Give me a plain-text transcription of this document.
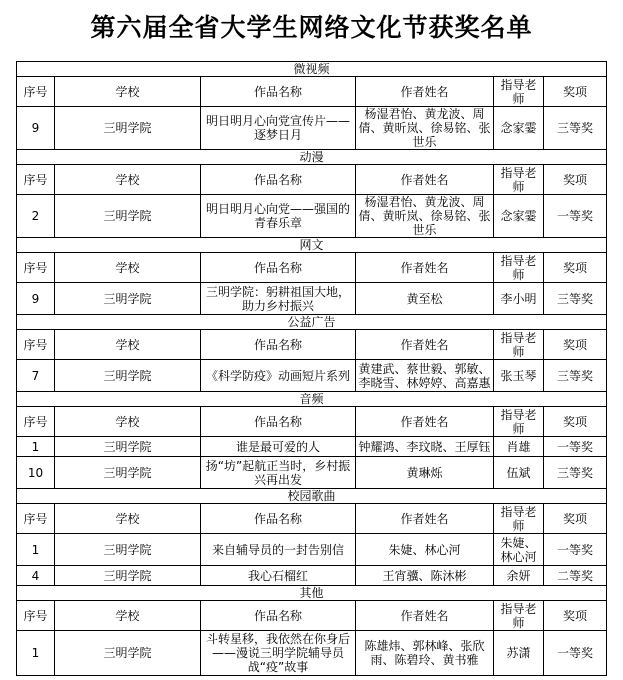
第六届全省大学生网络文化节获奖名单
微视频					
序号	学校	作品名称	作者姓名	指导老师	奖项
9	三明学院	明日明月心向党宣传片——逐梦日月	杨湿君怡、黄龙波、周倩、黄昕岚、徐易铭、张世乐	念家霎	三等奖
动漫					
序号	学校	作品名称	作者姓名	指导老师	奖项
2	三明学院	明日明月心向党——强国的青春乐章	杨湿君怡、黄龙波、周倩、黄昕岚、徐易铭、张世乐	念家霎	一等奖
网文					
序号	学校	作品名称	作者姓名	指导老师	奖项
9	三明学院	三明学院：躬耕祖国大地，助力乡村振兴	黄至松	李小明	三等奖
公益广告					
序号	学校	作品名称	作者姓名	指导老师	奖项
7	三明学院	《科学防疫》动画短片系列	黄建武、蔡世毅、郭敏、李晓雪、林婷婷、高嘉惠	张玉琴	三等奖
音频					
序号	学校	作品名称	作者姓名	指导老师	奖项
1	三明学院	谁是最可爱的人	钟耀鸿、李玟晓、王厚钰	肖雄	一等奖
10	三明学院	扬“坊”起航正当时，乡村振兴再出发	黄琳烁	伍斌	三等奖
校园歌曲					
序号	学校	作品名称	作者姓名	指导老师	奖项
1	三明学院	来自辅导员的一封告别信	朱婕、林心河	朱婕、林心河	一等奖
4	三明学院	我心石榴红	王宵骥、陈沐彬	余妍	二等奖
其他					
序号	学校	作品名称	作者姓名	指导老师	奖项
1	三明学院	斗转星移，我依然在你身后——漫说三明学院辅导员战“疫”故事	陈雄炜、郭林峰、张欣雨、陈碧玲、黄书雅	苏潇	一等奖
